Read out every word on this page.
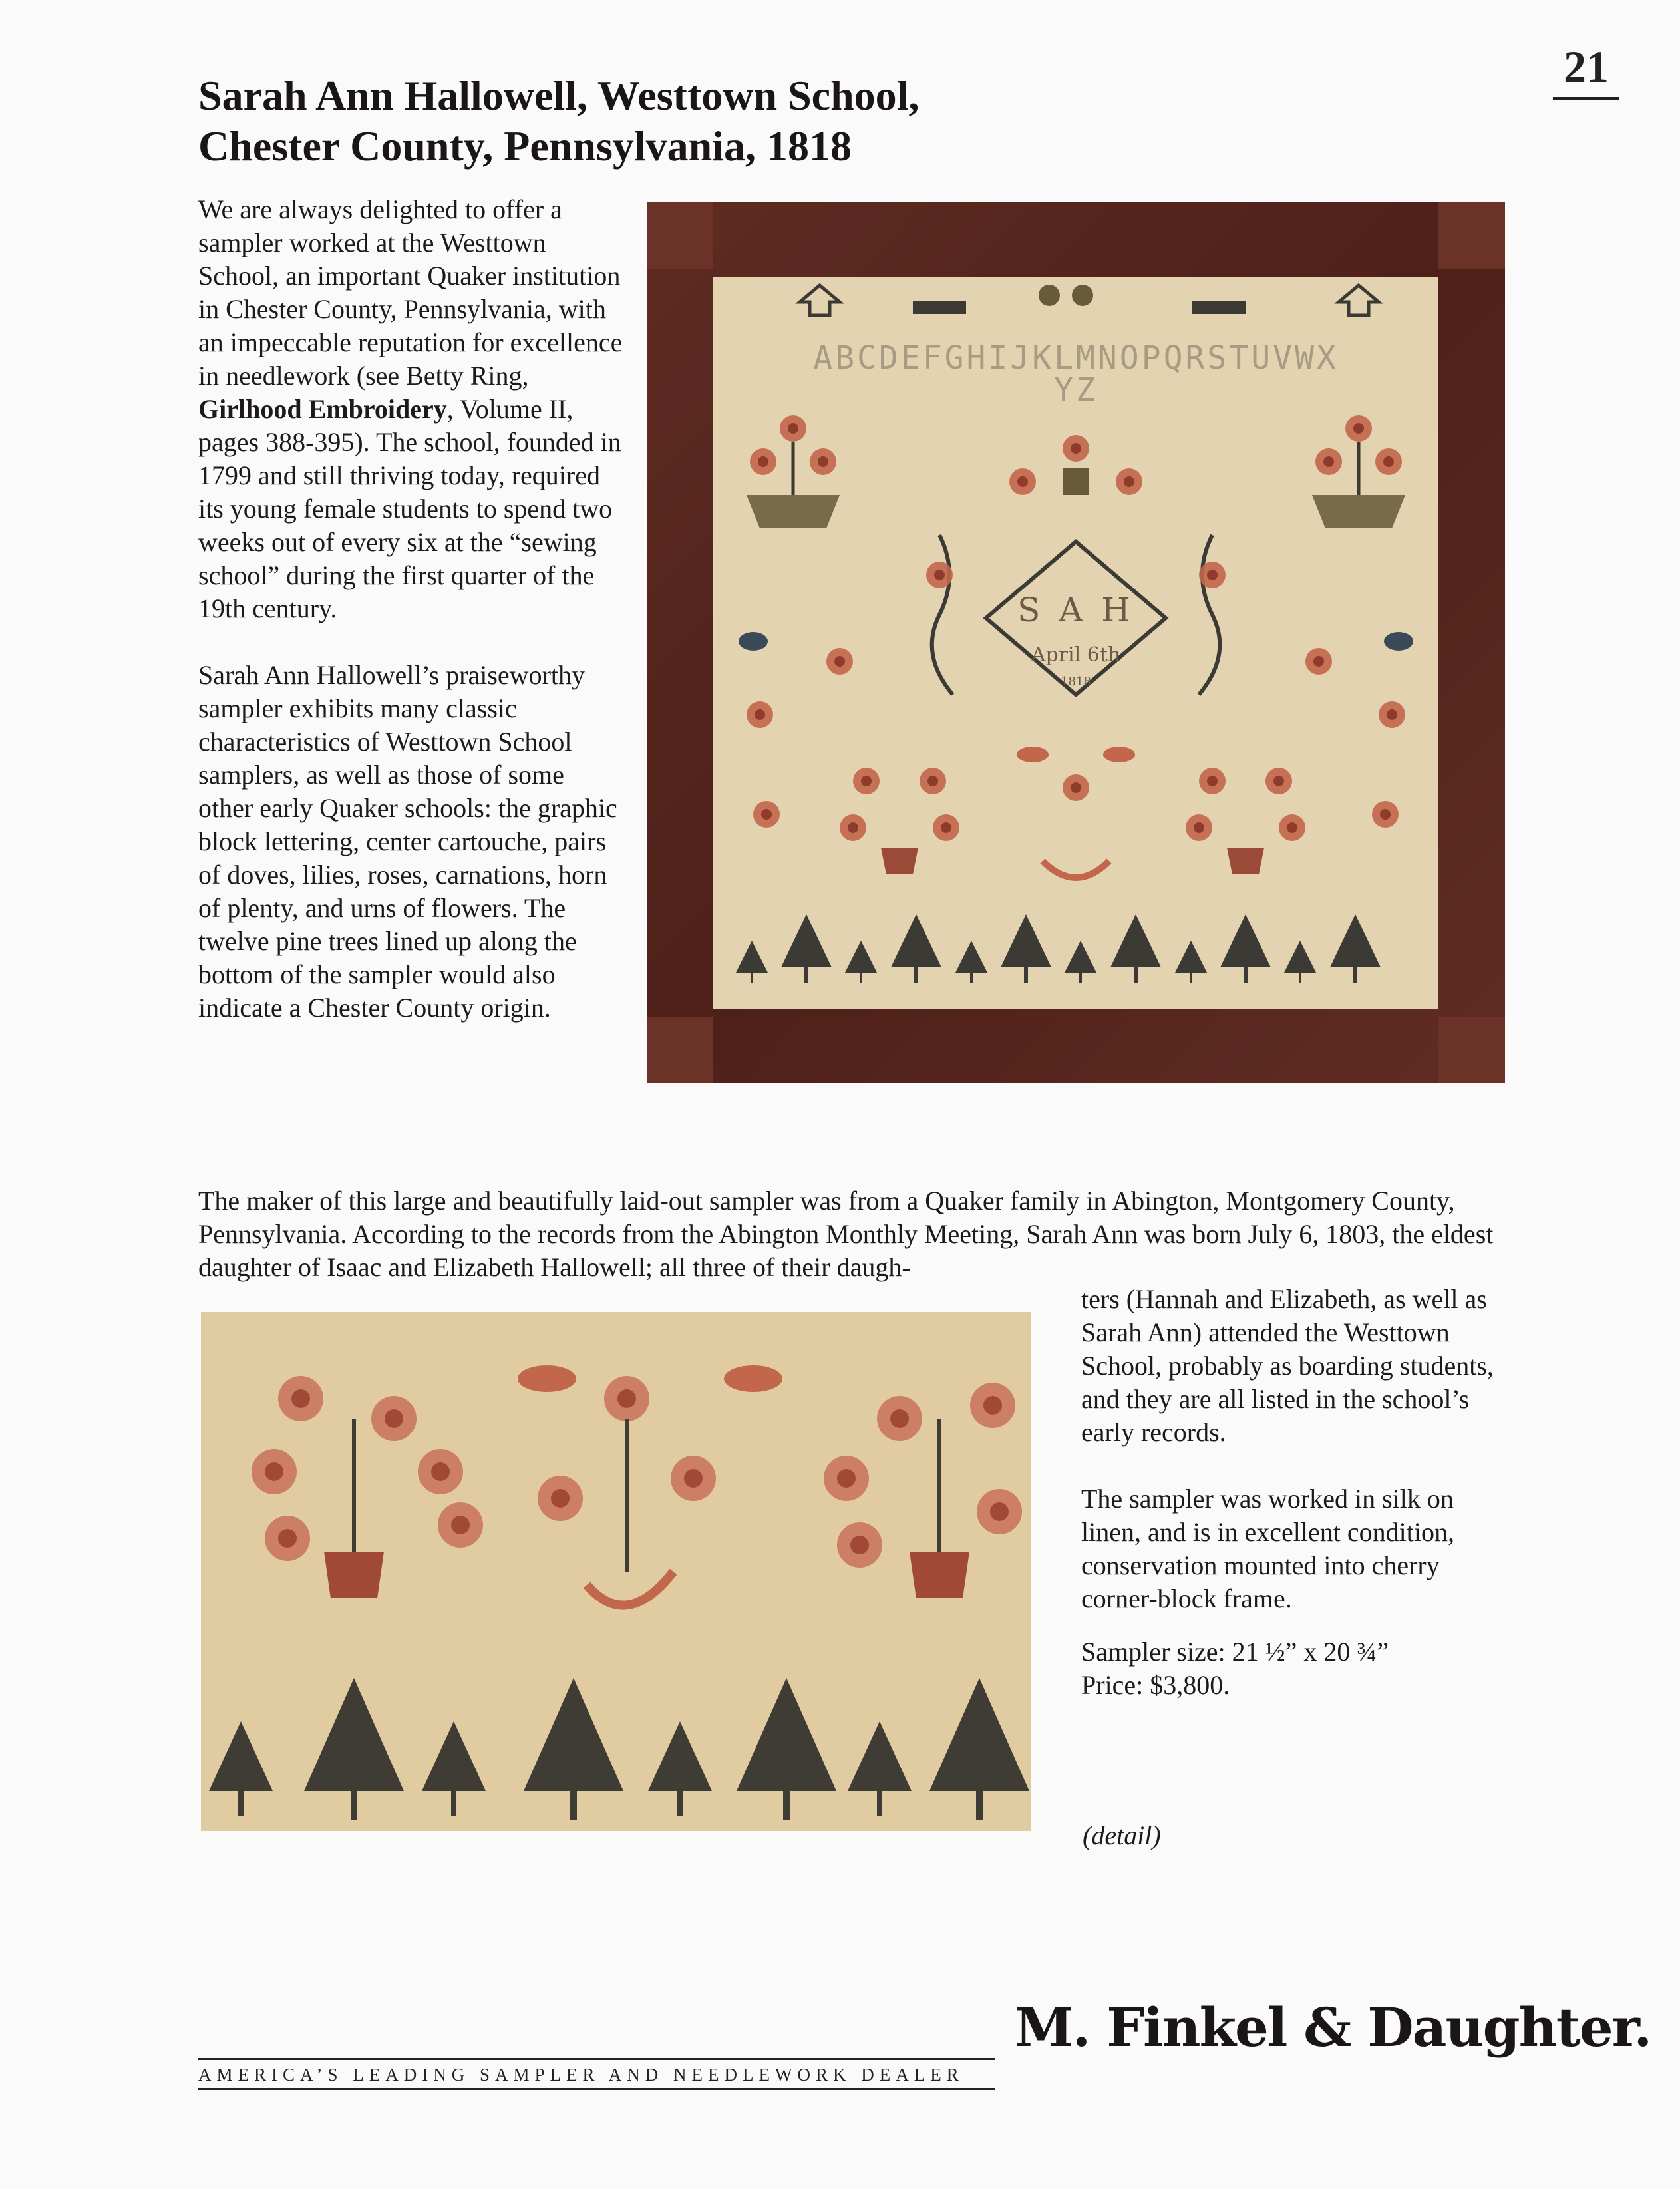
21
Sarah Ann Hallowell, Westtown School,
Chester County, Pennsylvania, 1818

We are always delighted to offer a sampler worked at the Westtown School, an important Quaker institution in Chester County, Pennsylvania, with an impeccable reputation for excellence in needlework (see Betty Ring, Girlhood Embroidery, Volume II, pages 388-395). The school, founded in 1799 and still thriving today, required its young female students to spend two weeks out of every six at the “sewing school” during the first quarter of the 19th century.

Sarah Ann Hallowell’s praiseworthy sampler exhibits many classic characteristics of Westtown School samplers, as well as those of some other early Quaker schools: the graphic block lettering, center cartouche, pairs of doves, lilies, roses, carnations, horn of plenty, and urns of flowers. The twelve pine trees lined up along the bottom of the sampler would also indicate a Chester County origin.

ABCDEFGHIJKLMNOPQRSTUVWX
YZ
S A H
April 6th
1818

The maker of this large and beautifully laid-out sampler was from a Quaker family in Abington, Montgomery County, Pennsylvania. According to the records from the Abington Monthly Meeting, Sarah Ann was born July 6, 1803, the eldest daughter of Isaac and Elizabeth Hallowell; all three of their daugh-

ters (Hannah and Elizabeth, as well as Sarah Ann) attended the Westtown School, probably as boarding students, and they are all listed in the school’s early records.

The sampler was worked in silk on linen, and is in excellent condition, conservation mounted into cherry corner-block frame.

Sampler size: 21 ½” x 20 ¾”

Price: $3,800.

(detail)
AMERICA’S LEADING SAMPLER AND NEEDLEWORK DEALER
M. Finkel & Daughter.
